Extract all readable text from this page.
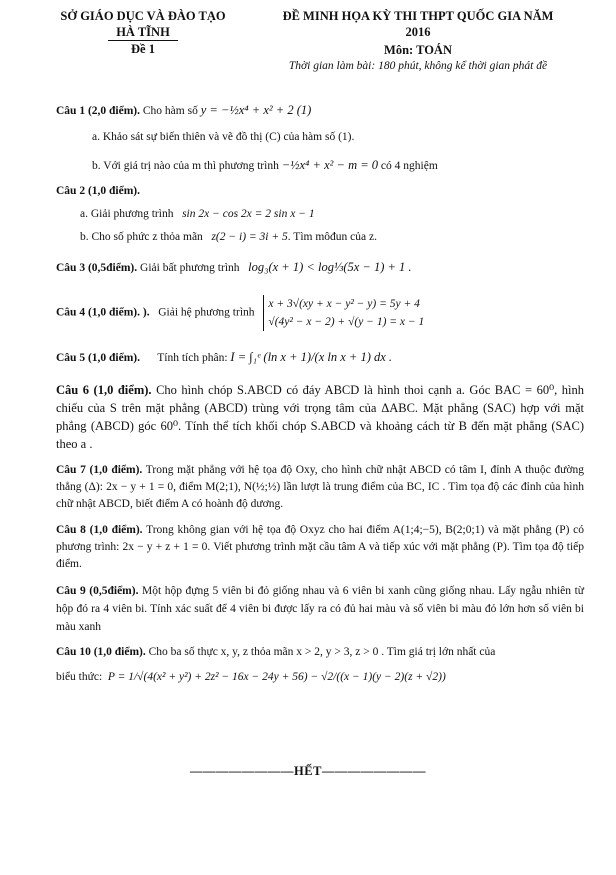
SỞ GIÁO DỤC VÀ ĐÀO TẠO
HÀ TĨNH
Đề 1
ĐỀ MINH HỌA KỲ THI THPT QUỐC GIA NĂM
2016
Môn: TOÁN
Thời gian làm bài: 180 phút, không kể thời gian phát đề
Câu 1 (2,0 điểm). Cho hàm số y = −½x⁴ + x² + 2 (1)
a. Khảo sát sự biến thiên và vẽ đồ thị (C) của hàm số (1).
b. Với giá trị nào của m thì phương trình −½x⁴ + x² − m = 0 có 4 nghiệm
Câu 2 (1,0 điểm).
a. Giải phương trình sin 2x − cos 2x = 2 sin x − 1
b. Cho số phức z thỏa mãn z(2 − i) = 3i + 5. Tìm môđun của z.
Câu 3 (0,5điểm). Giải bất phương trình log₃(x + 1) < log⅓(5x − 1) + 1 .
Câu 4 (1,0 điểm). ). Giải hệ phương trình
x + 3√(xy + x − y² − y) = 5y + 4
√(4y² − x − 2) + √(y − 1) = x − 1
Câu 5 (1,0 điểm). Tính tích phân: I = ∫₁ᵉ (ln x + 1)/(x ln x + 1) dx .
Câu 6 (1,0 điểm). Cho hình chóp S.ABCD có đáy ABCD là hình thoi cạnh a. Góc BAC = 60⁰, hình chiếu của S trên mặt phẳng (ABCD) trùng với trọng tâm của ΔABC. Mặt phẳng (SAC) hợp với mặt phẳng (ABCD) góc 60⁰. Tính thể tích khối chóp S.ABCD và khoảng cách từ B đến mặt phẳng (SAC) theo a .
Câu 7 (1,0 điểm). Trong mặt phẳng với hệ tọa độ Oxy, cho hình chữ nhật ABCD có tâm I, đỉnh A thuộc đường thẳng (Δ): 2x − y + 1 = 0, điểm M(2;1), N(½;½) lần lượt là trung điểm của BC, IC . Tìm tọa độ các đỉnh của hình chữ nhật ABCD, biết điểm A có hoành độ dương.
Câu 8 (1,0 điểm). Trong không gian với hệ tọa độ Oxyz cho hai điểm A(1;4;−5), B(2;0;1) và mặt phẳng (P) có phương trình: 2x − y + z + 1 = 0. Viết phương trình mặt cầu tâm A và tiếp xúc với mặt phẳng (P). Tìm tọa độ tiếp điểm.
Câu 9 (0,5điểm). Một hộp đựng 5 viên bi đỏ giống nhau và 6 viên bi xanh cũng giống nhau. Lấy ngẫu nhiên từ hộp đó ra 4 viên bi. Tính xác suất để 4 viên bi được lấy ra có đủ hai màu và số viên bi màu đỏ lớn hơn số viên bi màu xanh
Câu 10 (1,0 điểm). Cho ba số thực x, y, z thỏa mãn x > 2, y > 3, z > 0 . Tìm giá trị lớn nhất của
biểu thức: P = 1/√(4(x² + y²) + 2z² − 16x − 24y + 56) − √2/((x − 1)(y − 2)(z + √2))
————————HẾT————————
